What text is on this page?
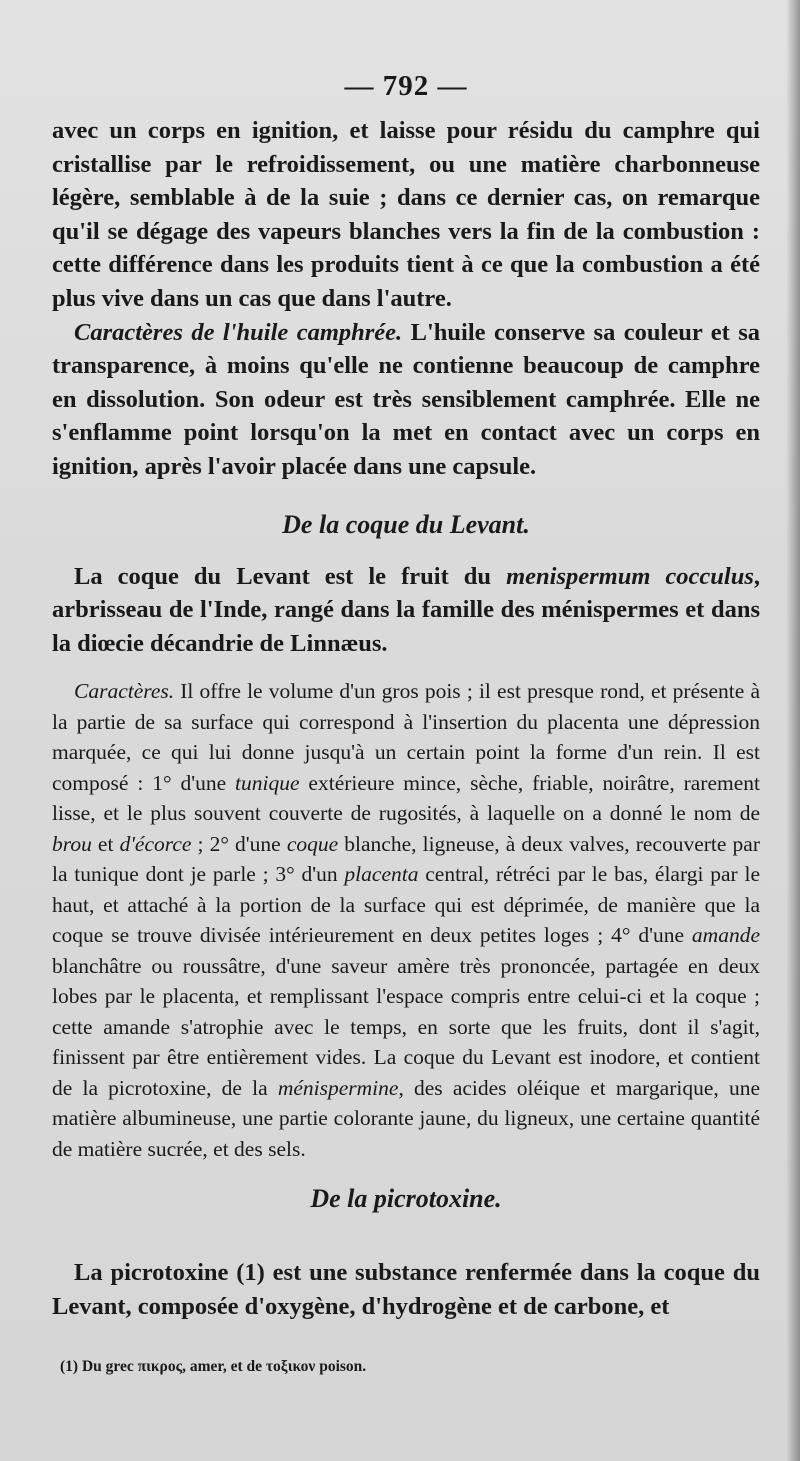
— 792 —

avec un corps en ignition, et laisse pour résidu du camphre qui cristallise par le refroidissement, ou une matière charbonneuse légère, semblable à de la suie ; dans ce dernier cas, on remarque qu'il se dégage des vapeurs blanches vers la fin de la combustion : cette différence dans les produits tient à ce que la combustion a été plus vive dans un cas que dans l'autre.

Caractères de l'huile camphrée. L'huile conserve sa couleur et sa transparence, à moins qu'elle ne contienne beaucoup de camphre en dissolution. Son odeur est très sensiblement camphrée. Elle ne s'enflamme point lorsqu'on la met en contact avec un corps en ignition, après l'avoir placée dans une capsule.

De la coque du Levant.

La coque du Levant est le fruit du menispermum cocculus, arbrisseau de l'Inde, rangé dans la famille des ménispermes et dans la diœcie décandrie de Linnæus.

Caractères. Il offre le volume d'un gros pois ; il est presque rond, et présente à la partie de sa surface qui correspond à l'insertion du placenta une dépression marquée, ce qui lui donne jusqu'à un certain point la forme d'un rein. Il est composé : 1° d'une tunique extérieure mince, sèche, friable, noirâtre, rarement lisse, et le plus souvent couverte de rugosités, à laquelle on a donné le nom de brou et d'écorce ; 2° d'une coque blanche, ligneuse, à deux valves, recouverte par la tunique dont je parle ; 3° d'un placenta central, rétréci par le bas, élargi par le haut, et attaché à la portion de la surface qui est déprimée, de manière que la coque se trouve divisée intérieurement en deux petites loges ; 4° d'une amande blanchâtre ou roussâtre, d'une saveur amère très prononcée, partagée en deux lobes par le placenta, et remplissant l'espace compris entre celui-ci et la coque ; cette amande s'atrophie avec le temps, en sorte que les fruits, dont il s'agit, finissent par être entièrement vides. La coque du Levant est inodore, et contient de la picrotoxine, de la ménispermine, des acides oléique et margarique, une matière albumineuse, une partie colorante jaune, du ligneux, une certaine quantité de matière sucrée, et des sels.

De la picrotoxine.

La picrotoxine (1) est une substance renfermée dans la coque du Levant, composée d'oxygène, d'hydrogène et de carbone, et

(1) Du grec πικρος, amer, et de τοξικον poison.
